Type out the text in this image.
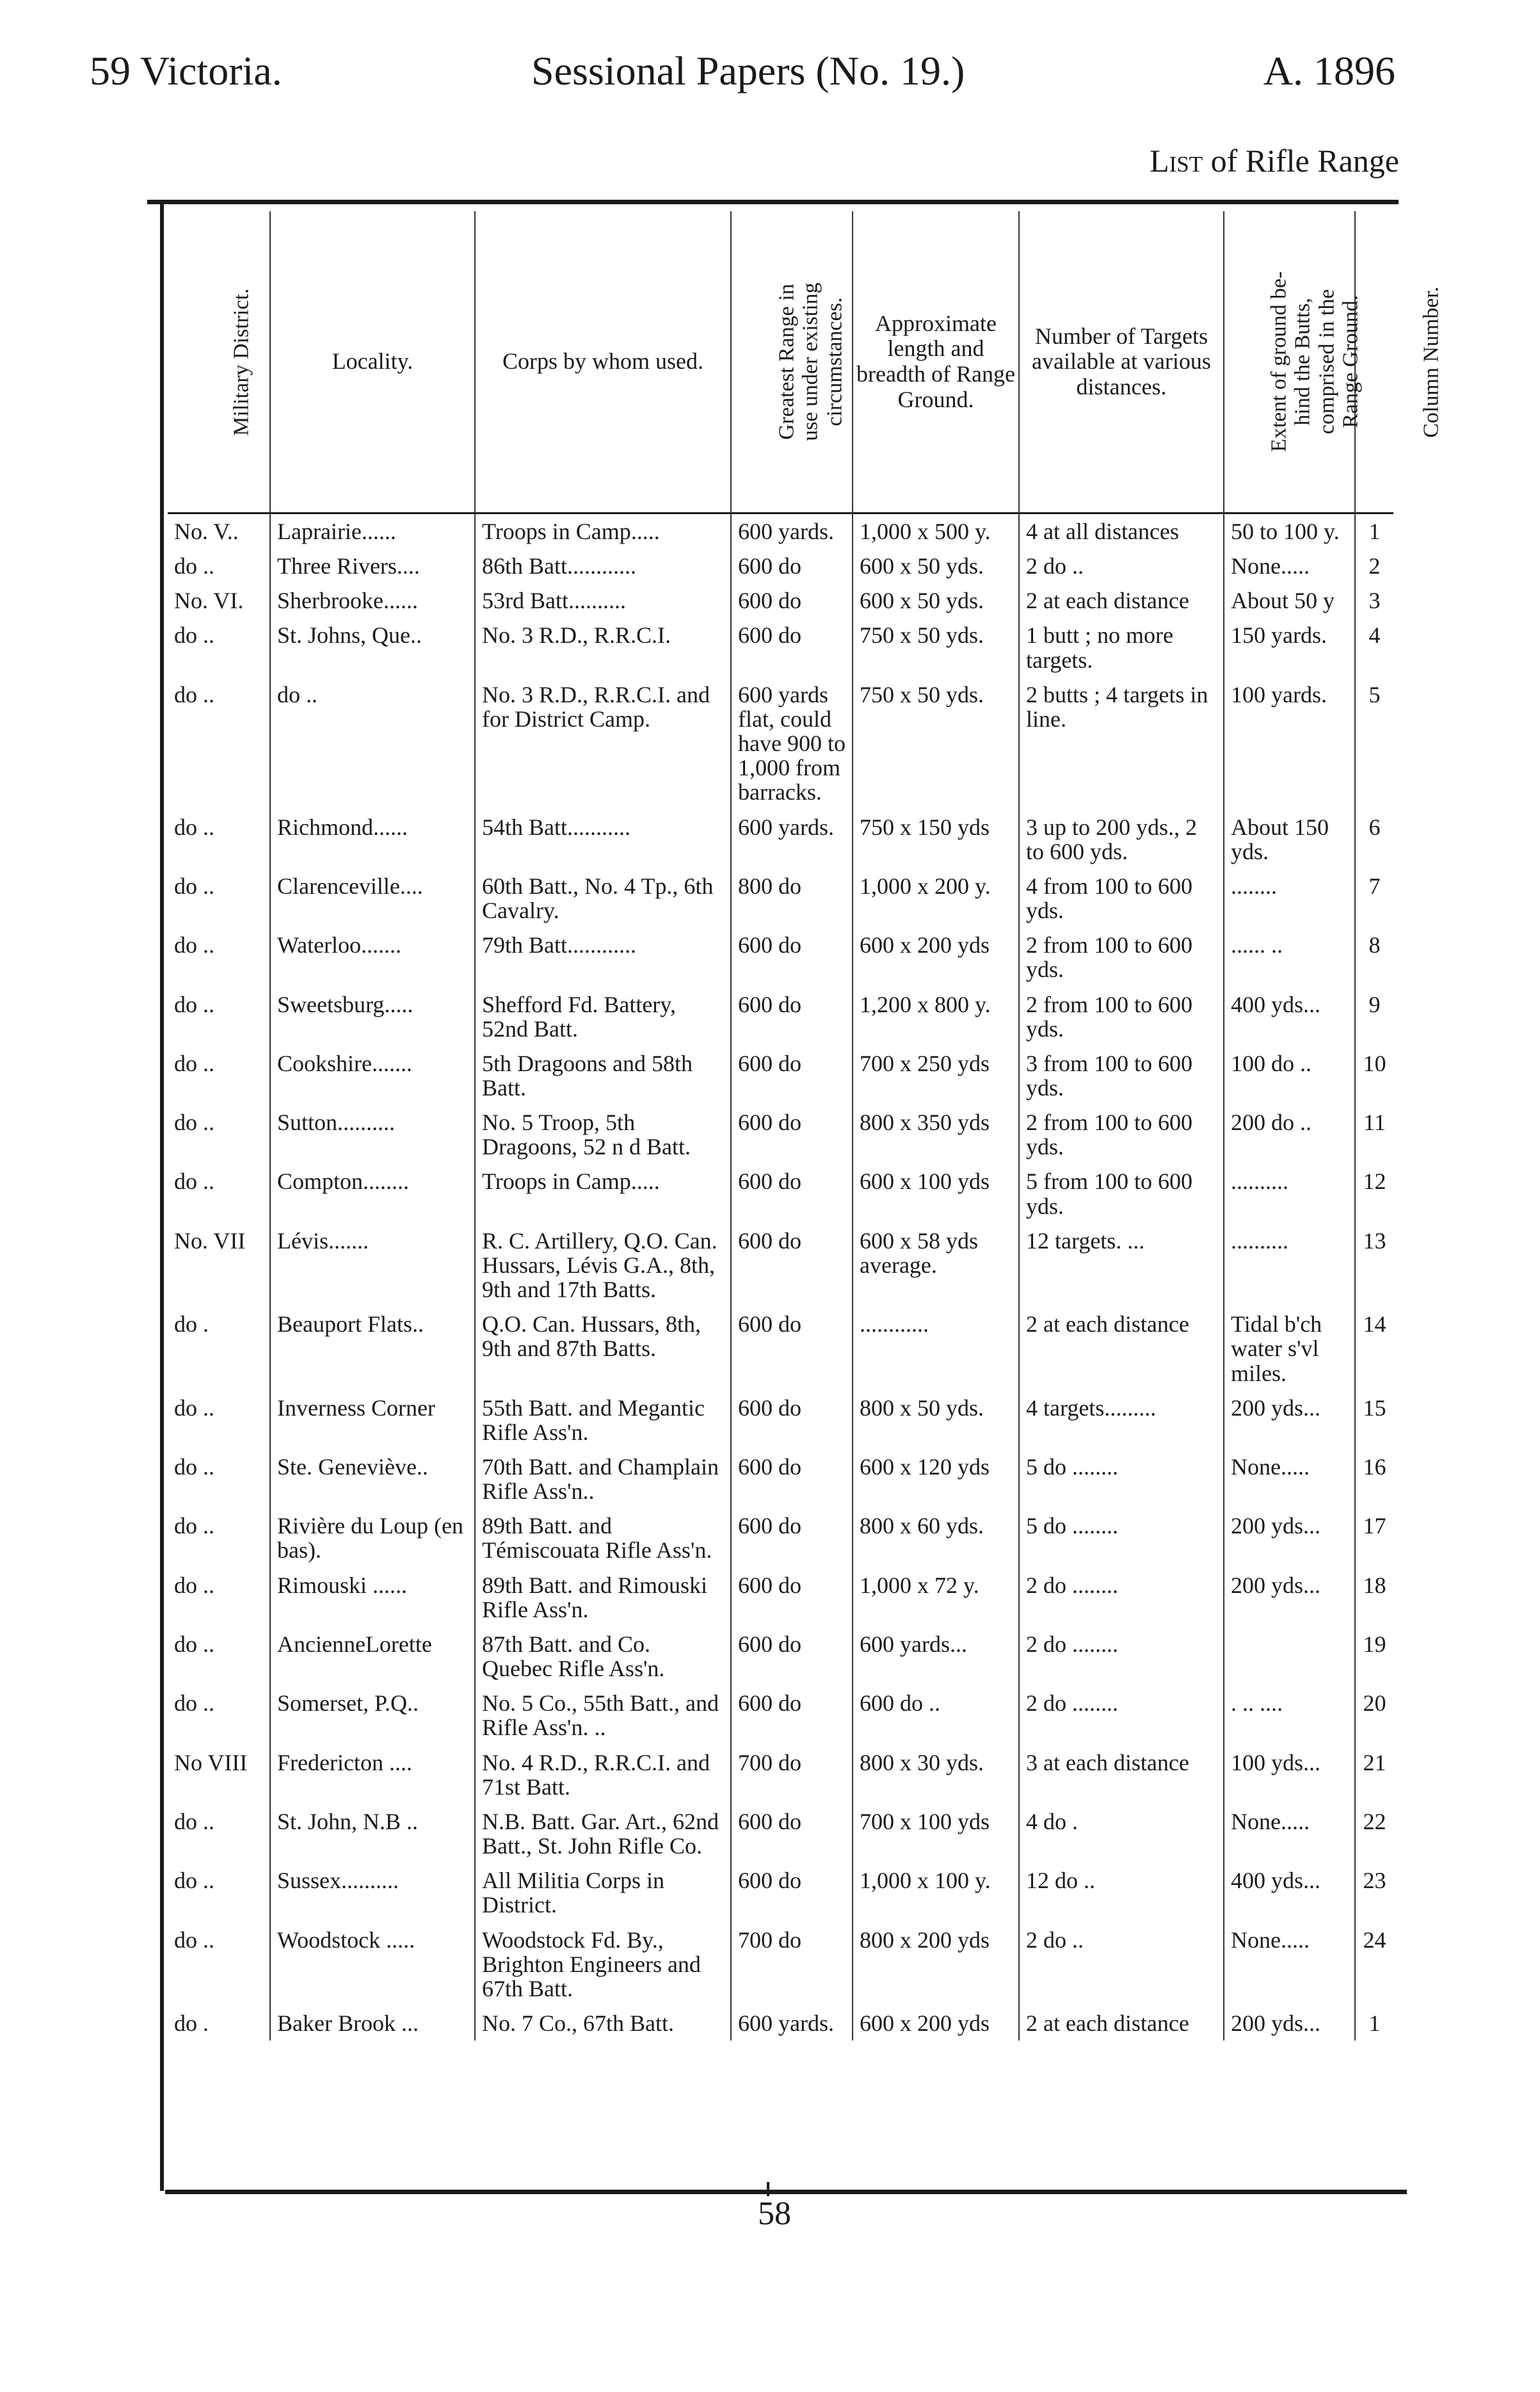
59 Victoria.	Sessional Papers (No. 19.)	A. 1896
List of Rifle Range
Military District.	Locality.	Corps by whom used.	Greatest Range in
use under existing
circumstances.	Approximate length and breadth of Range Ground.	Number of Targets available at various distances.	Extent of ground be-
hind the Butts,
comprised in the
Range Ground.	Column Number.
No. V..	Laprairie......	Troops in Camp.....	600 yards.	1,000 x 500 y.	4 at all distances	50 to 100 y.	1
do ..	Three Rivers....	86th Batt............	600 do	600 x 50 yds.	2 do ..	None.....	2
No. VI.	Sherbrooke......	53rd Batt..........	600 do	600 x 50 yds.	2 at each distance	About 50 y	3
do ..	St. Johns, Que..	No. 3 R.D., R.R.C.I.	600 do	750 x 50 yds.	1 butt ; no more targets.	150 yards.	4
do ..	do ..	No. 3 R.D., R.R.C.I. and for District Camp.	600 yards flat, could have 900 to 1,000 from barracks.	750 x 50 yds.	2 butts ; 4 targets in line.	100 yards.	5
do ..	Richmond......	54th Batt...........	600 yards.	750 x 150 yds	3 up to 200 yds., 2 to 600 yds.	About 150 yds.	6
do ..	Clarenceville....	60th Batt., No. 4 Tp., 6th Cavalry.	800 do	1,000 x 200 y.	4 from 100 to 600 yds.	........	7
do ..	Waterloo.......	79th Batt............	600 do	600 x 200 yds	2 from 100 to 600 yds.	...... ..	8
do ..	Sweetsburg.....	Shefford Fd. Battery, 52nd Batt.	600 do	1,200 x 800 y.	2 from 100 to 600 yds.	400 yds...	9
do ..	Cookshire.......	5th Dragoons and 58th Batt.	600 do	700 x 250 yds	3 from 100 to 600 yds.	100 do ..	10
do ..	Sutton..........	No. 5 Troop, 5th Dragoons, 52 n d Batt.	600 do	800 x 350 yds	2 from 100 to 600 yds.	200 do ..	11
do ..	Compton........	Troops in Camp.....	600 do	600 x 100 yds	5 from 100 to 600 yds.	..........	12
No. VII	Lévis.......	R. C. Artillery, Q.O. Can. Hussars, Lévis G.A., 8th, 9th and 17th Batts.	600 do	600 x 58 yds average.	12 targets. ...	..........	13
do .	Beauport Flats..	Q.O. Can. Hussars, 8th, 9th and 87th Batts.	600 do	............	2 at each distance	Tidal b'ch water s'vl miles.	14
do ..	Inverness Corner	55th Batt. and Megantic Rifle Ass'n.	600 do	800 x 50 yds.	4 targets.........	200 yds...	15
do ..	Ste. Geneviève..	70th Batt. and Champlain Rifle Ass'n..	600 do	600 x 120 yds	5 do ........	None.....	16
do ..	Rivière du Loup (en bas).	89th Batt. and Témiscouata Rifle Ass'n.	600 do	800 x 60 yds.	5 do ........	200 yds...	17
do ..	Rimouski ......	89th Batt. and Rimouski Rifle Ass'n.	600 do	1,000 x 72 y.	2 do ........	200 yds...	18
do ..	AncienneLorette	87th Batt. and Co. Quebec Rifle Ass'n.	600 do	600 yards...	2 do ........		19
do ..	Somerset, P.Q..	No. 5 Co., 55th Batt., and Rifle Ass'n. ..	600 do	600 do ..	2 do ........	. .. ....	20
No VIII	Fredericton ....	No. 4 R.D., R.R.C.I. and 71st Batt.	700 do	800 x 30 yds.	3 at each distance	100 yds...	21
do ..	St. John, N.B ..	N.B. Batt. Gar. Art., 62nd Batt., St. John Rifle Co.	600 do	700 x 100 yds	4 do .	None.....	22
do ..	Sussex..........	All Militia Corps in District.	600 do	1,000 x 100 y.	12 do ..	400 yds...	23
do ..	Woodstock .....	Woodstock Fd. By., Brighton Engineers and 67th Batt.	700 do	800 x 200 yds	2 do ..	None.....	24
do .	Baker Brook ...	No. 7 Co., 67th Batt.	600 yards.	600 x 200 yds	2 at each distance	200 yds...	1
58
